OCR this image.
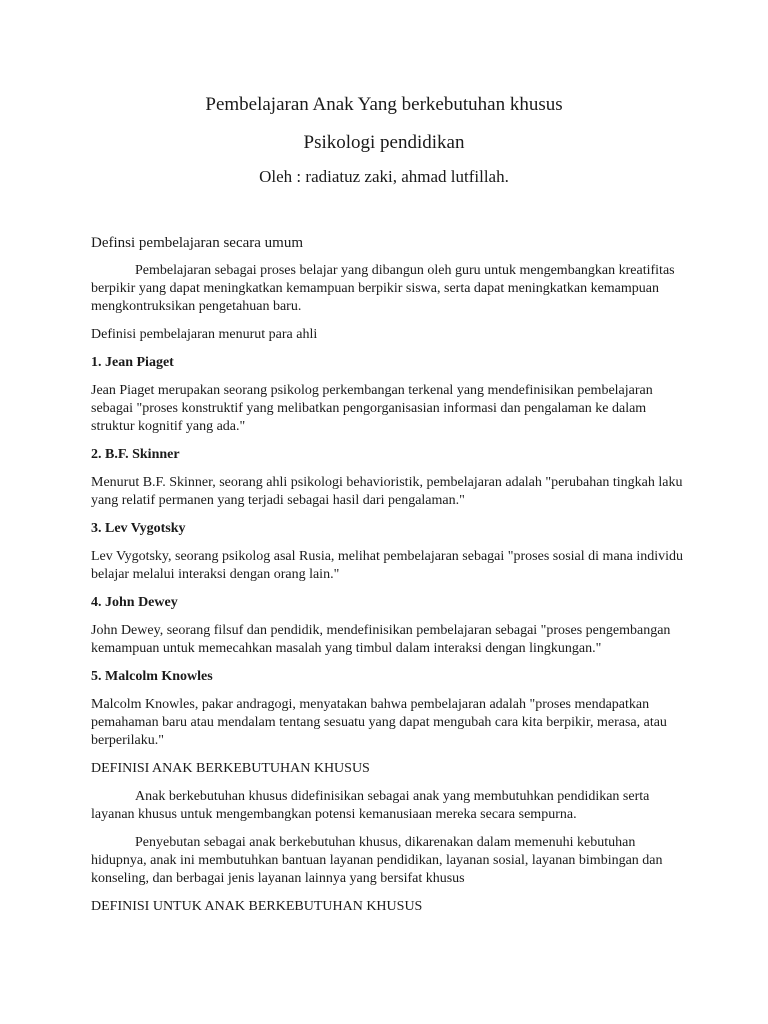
Pembelajaran Anak Yang berkebutuhan khusus
Psikologi pendidikan
Oleh : radiatuz zaki, ahmad lutfillah.

Definsi pembelajaran secara umum

Pembelajaran sebagai proses belajar yang dibangun oleh guru untuk mengembangkan kreatifitas berpikir yang dapat meningkatkan kemampuan berpikir siswa, serta dapat meningkatkan kemampuan mengkontruksikan pengetahuan baru.

Definisi pembelajaran menurut para ahli

1. Jean Piaget

Jean Piaget merupakan seorang psikolog perkembangan terkenal yang mendefinisikan pembelajaran sebagai "proses konstruktif yang melibatkan pengorganisasian informasi dan pengalaman ke dalam struktur kognitif yang ada."

2. B.F. Skinner

Menurut B.F. Skinner, seorang ahli psikologi behavioristik, pembelajaran adalah "perubahan tingkah laku yang relatif permanen yang terjadi sebagai hasil dari pengalaman."

3. Lev Vygotsky

Lev Vygotsky, seorang psikolog asal Rusia, melihat pembelajaran sebagai "proses sosial di mana individu belajar melalui interaksi dengan orang lain."

4. John Dewey

John Dewey, seorang filsuf dan pendidik, mendefinisikan pembelajaran sebagai "proses pengembangan kemampuan untuk memecahkan masalah yang timbul dalam interaksi dengan lingkungan."

5. Malcolm Knowles

Malcolm Knowles, pakar andragogi, menyatakan bahwa pembelajaran adalah "proses mendapatkan pemahaman baru atau mendalam tentang sesuatu yang dapat mengubah cara kita berpikir, merasa, atau berperilaku."

DEFINISI ANAK BERKEBUTUHAN KHUSUS

Anak berkebutuhan khusus didefinisikan sebagai anak yang membutuhkan pendidikan serta layanan khusus untuk mengembangkan potensi kemanusiaan mereka secara sempurna.

Penyebutan sebagai anak berkebutuhan khusus, dikarenakan dalam memenuhi kebutuhan hidupnya, anak ini membutuhkan bantuan layanan pendidikan, layanan sosial, layanan bimbingan dan konseling, dan berbagai jenis layanan lainnya yang bersifat khusus

DEFINISI UNTUK ANAK BERKEBUTUHAN KHUSUS
